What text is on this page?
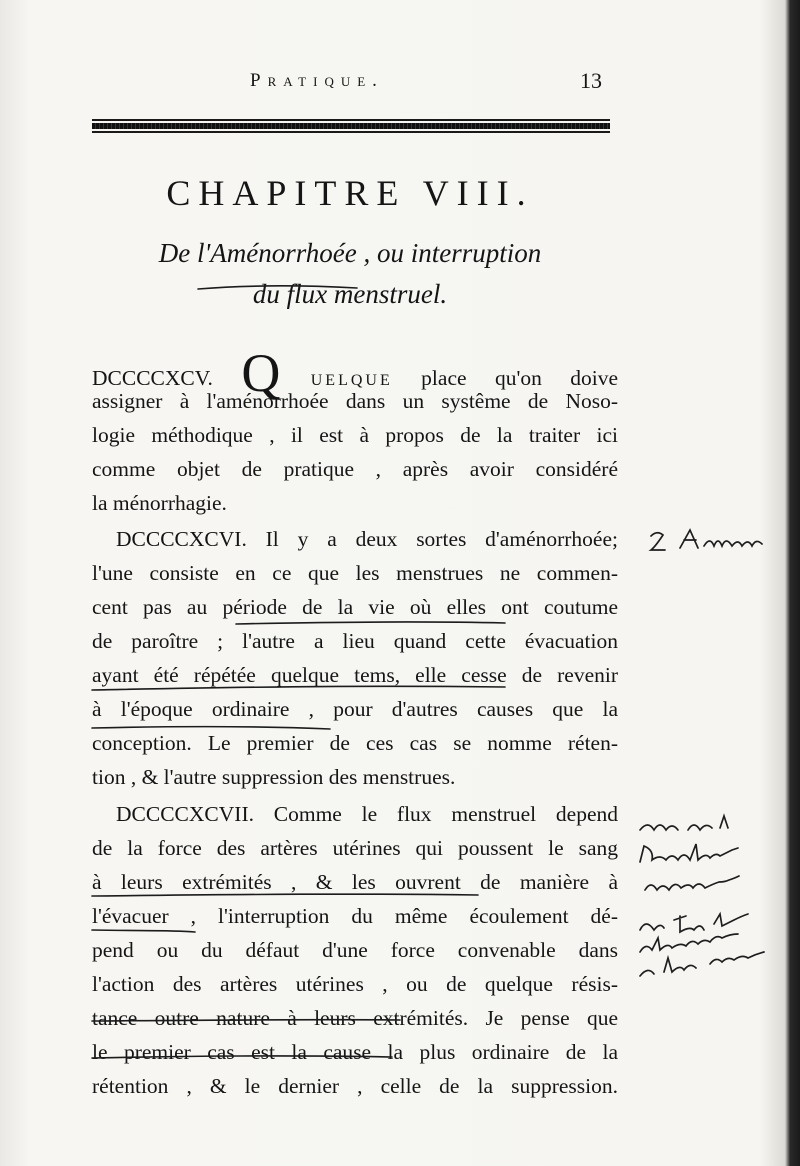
Pratique.	13
CHAPITRE VIII.
De l'Aménorrhoée , ou interruption
du flux menstruel.
DCCCCXCV. Q UELQUE place qu'on doive
assigner à l'aménorrhoée dans un systême de Noso-
logie méthodique , il est à propos de la traiter ici
comme objet de pratique , après avoir considéré
la ménorrhagie.
DCCCCXCVI. Il y a deux sortes d'aménorrhoée;
l'une consiste en ce que les menstrues ne commen-
cent pas au période de la vie où elles ont coutume
de paroître ; l'autre a lieu quand cette évacuation
ayant été répétée quelque tems, elle cesse de revenir
à l'époque ordinaire , pour d'autres causes que la
conception. Le premier de ces cas se nomme réten-
tion , & l'autre suppression des menstrues.
DCCCCXCVII. Comme le flux menstruel depend
de la force des artères utérines qui poussent le sang
à leurs extrémités , & les ouvrent de manière à
l'évacuer , l'interruption du même écoulement dé-
pend ou du défaut d'une force convenable dans
l'action des artères utérines , ou de quelque résis-
tance outre nature à leurs extrémités. Je pense que
le premier cas est la cause la plus ordinaire de la
rétention , & le dernier , celle de la suppression.
